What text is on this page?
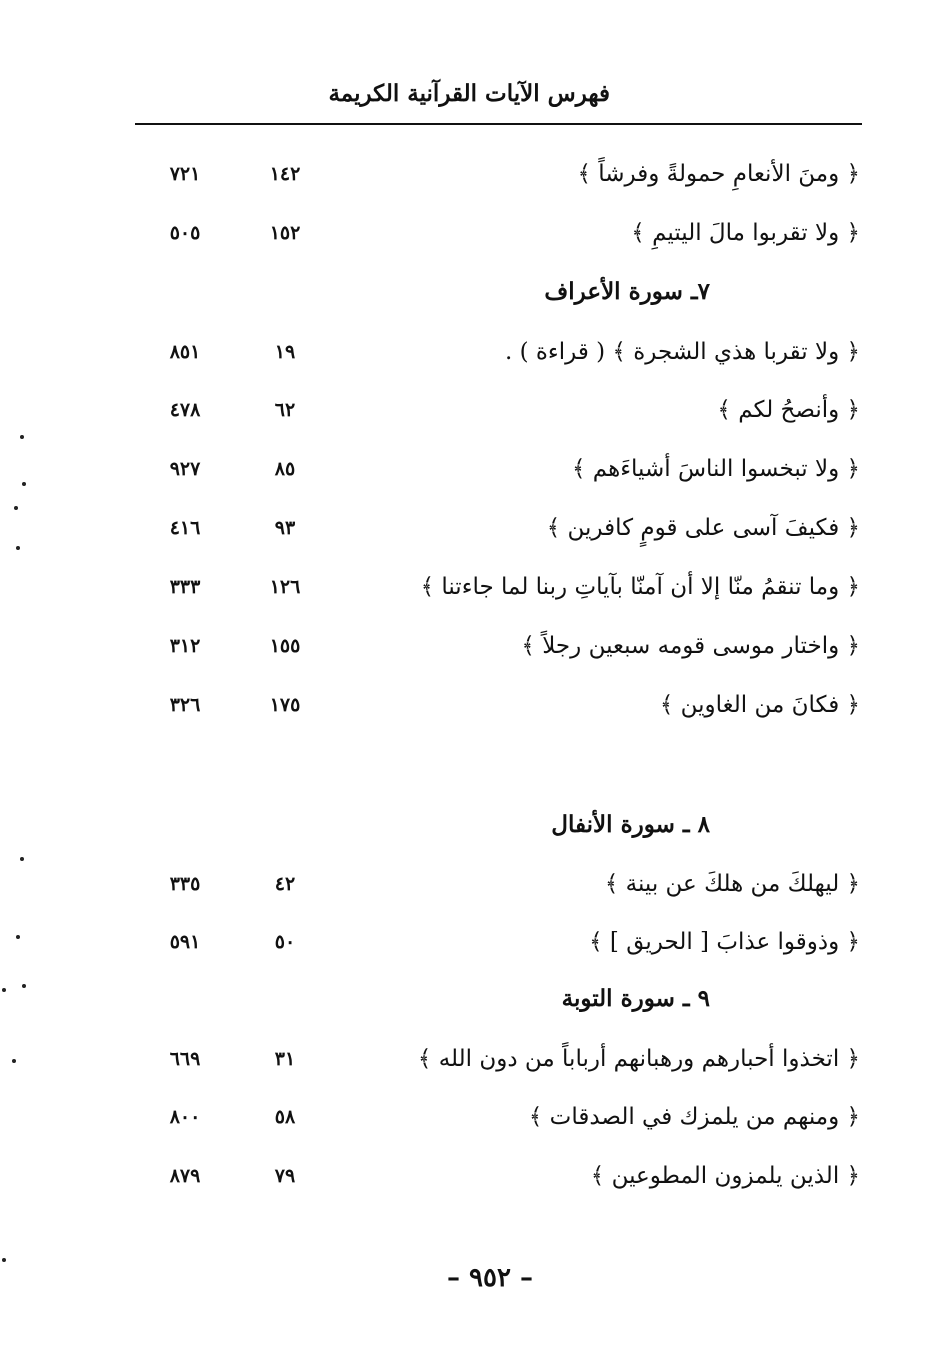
فهرس الآيات القرآنية الكريمة
﴿ ومنَ الأنعامِ حمولةً وفرشاً ﴾
١٤٢
٧٢١
﴿ ولا تقربوا مالَ اليتيمِ ﴾
١٥٢
٥٠٥
٧ـ سورة الأعراف
﴿ ولا تقربا هذي الشجرة ﴾ ( قراءة ) .
١٩
٨٥١
﴿ وأنصحُ لكم ﴾
٦٢
٤٧٨
﴿ ولا تبخسوا الناسَ أشياءَهم ﴾
٨٥
٩٢٧
﴿ فكيفَ آسى على قومٍ كافرين ﴾
٩٣
٤١٦
﴿ وما تنقمُ منّا إلا أن آمنّا بآياتِ ربنا لما جاءتنا ﴾
١٢٦
٣٣٣
﴿ واختار موسى قومه سبعين رجلاً ﴾
١٥٥
٣١٢
﴿ فكانَ من الغاوين ﴾
١٧٥
٣٢٦
٨ ـ سورة الأنفال
﴿ ليهلكَ من هلكَ عن بينة ﴾
٤٢
٣٣٥
﴿ وذوقوا عذابَ [ الحريق ] ﴾
٥٠
٥٩١
٩ ـ سورة التوبة
﴿ اتخذوا أحبارهم ورهبانهم أرباباً من دون الله ﴾
٣١
٦٦٩
﴿ ومنهم من يلمزك في الصدقات ﴾
٥٨
٨٠٠
﴿ الذين يلمزون المطوعين ﴾
٧٩
٨٧٩
– ٩٥٢ –
